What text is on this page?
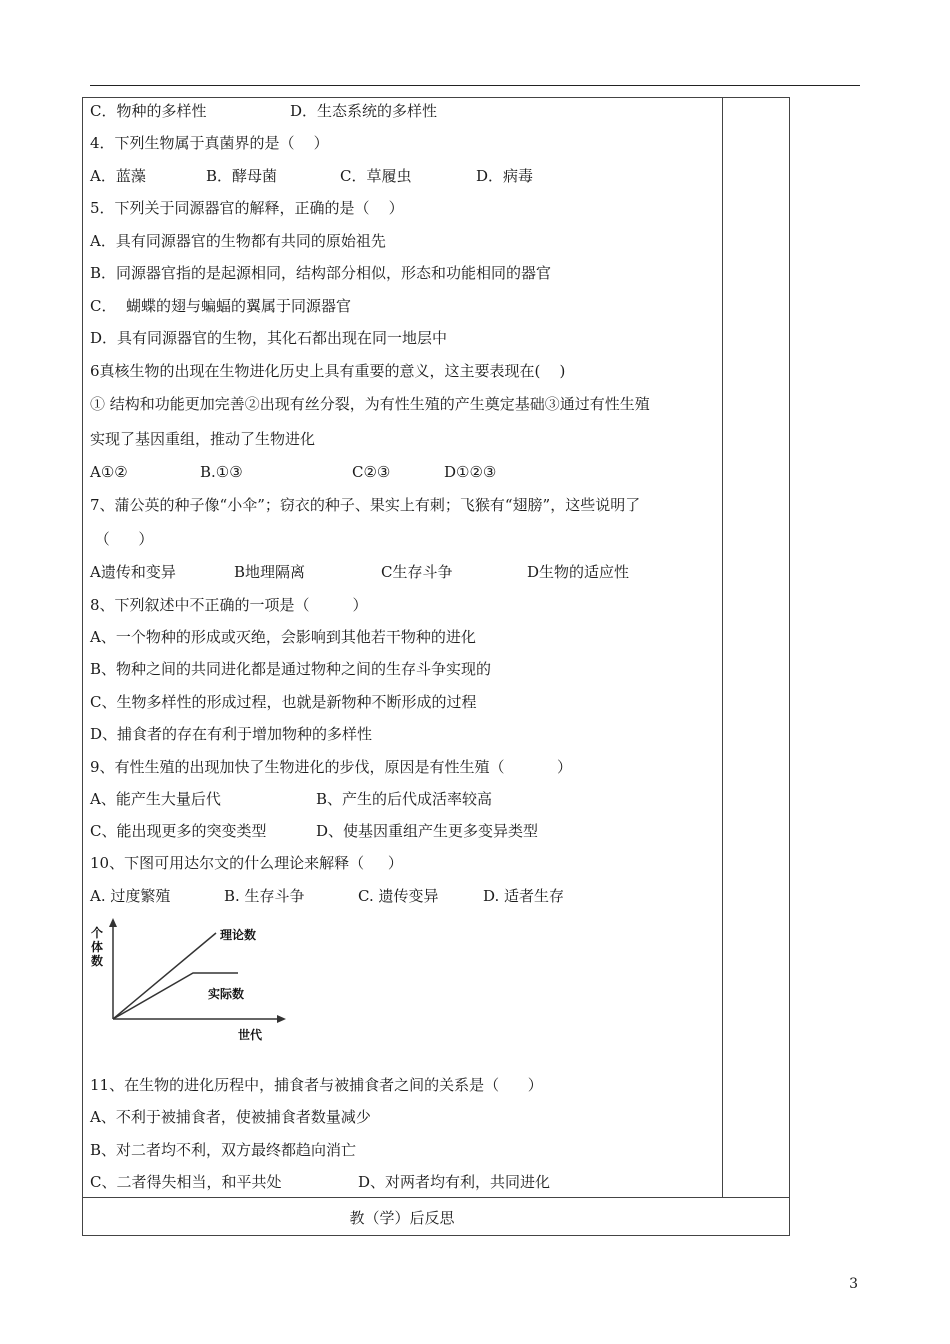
C．物种的多样性	D．生态系统的多样性
4．下列生物属于真菌界的是（    ）
A．蓝藻	B．酵母菌	C．草履虫	D．病毒
5．下列关于同源器官的解释，正确的是（    ）
A．具有同源器官的生物都有共同的原始祖先
B．同源器官指的是起源相同，结构部分相似，形态和功能相同的器官
C．  蝴蝶的翅与蝙蝠的翼属于同源器官
D．具有同源器官的生物，其化石都出现在同一地层中
6真核生物的出现在生物进化历史上具有重要的意义，这主要表现在(    )
① 结构和功能更加完善②出现有丝分裂，为有性生殖的产生奠定基础③通过有性生殖
实现了基因重组，推动了生物进化
A①②	B.①③	C②③	D①②③
7、蒲公英的种子像“小伞”；窃衣的种子、果实上有刺；飞猴有“翅膀”，这些说明了
（      ）
A遗传和变异	B地理隔离	C生存斗争	D生物的适应性
8、下列叙述中不正确的一项是（         ）
A、一个物种的形成或灭绝，会影响到其他若干物种的进化
B、物种之间的共同进化都是通过物种之间的生存斗争实现的
C、生物多样性的形成过程，也就是新物种不断形成的过程
D、捕食者的存在有利于增加物种的多样性
9、有性生殖的出现加快了生物进化的步伐，原因是有性生殖（           ）
A、能产生大量后代	B、产生的后代成活率较高
C、能出现更多的突变类型	D、使基因重组产生更多变异类型
10、下图可用达尔文的什么理论来解释（     ）
A. 过度繁殖	B. 生存斗争	C. 遗传变异	D. 适者生存
11、在生物的进化历程中，捕食者与被捕食者之间的关系是（      ）
A、不利于被捕食者，使被捕食者数量减少
B、对二者均不利，双方最终都趋向消亡
C、二者得失相当，和平共处	D、对两者均有利，共同进化
个
体
数
理论数
实际数
世代
教（学）后反思
3
